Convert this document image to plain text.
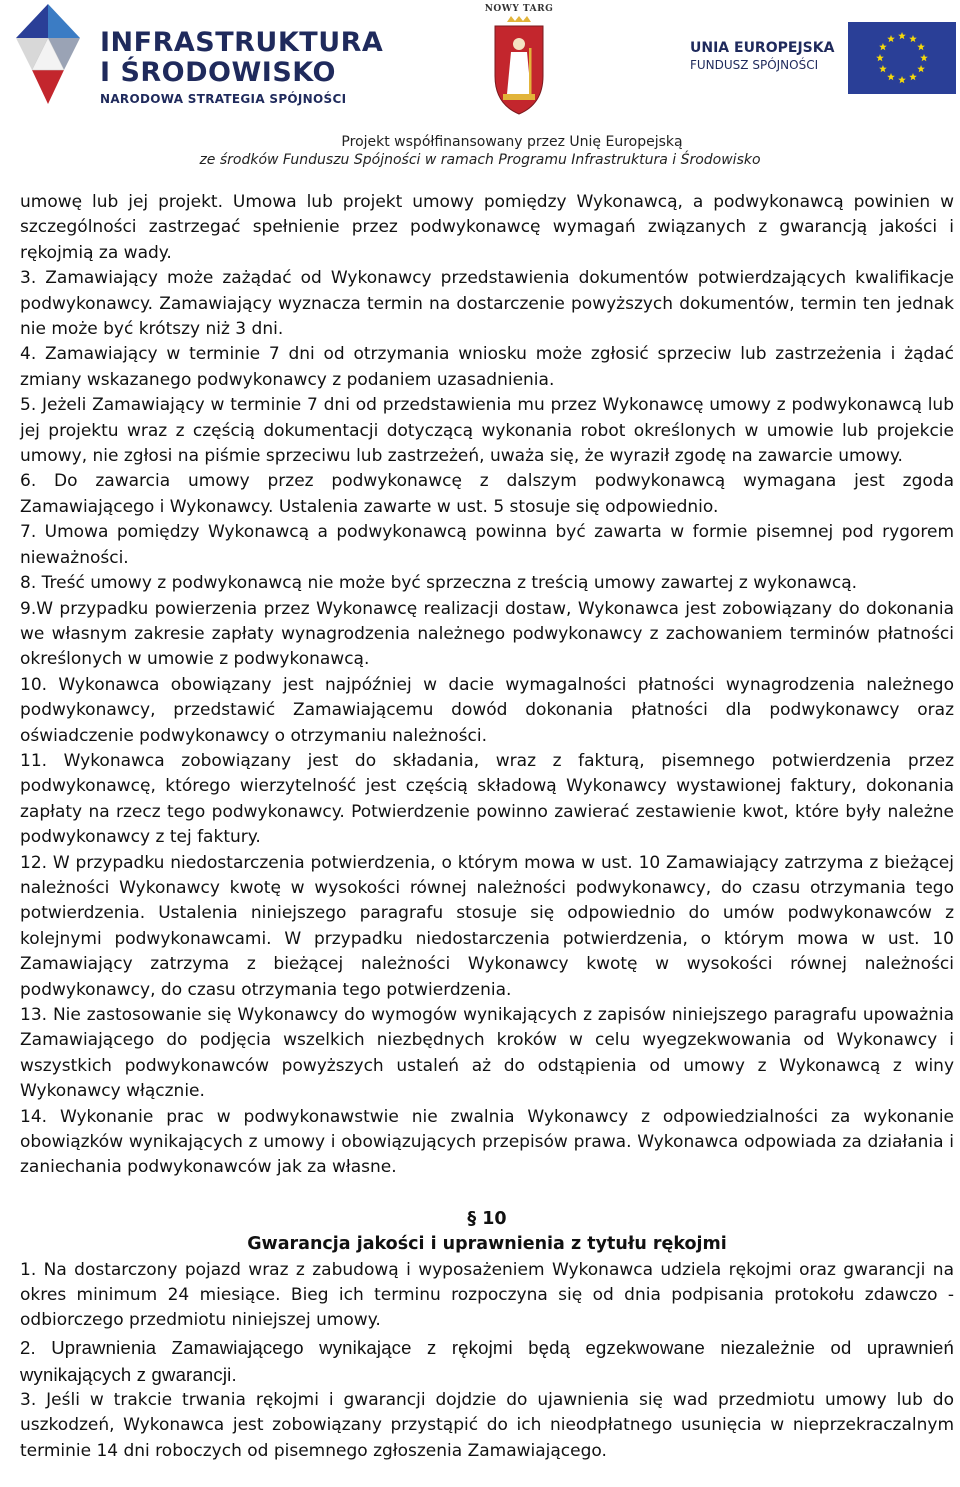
INFRASTRUKTURA
I ŚRODOWISKO
NARODOWA STRATEGIA SPÓJNOŚCI
NOWY TARG
UNIA EUROPEJSKA
FUNDUSZ SPÓJNOŚCI
Projekt współfinansowany przez Unię Europejską
ze środków Funduszu Spójności w ramach Programu Infrastruktura i Środowisko

umowę lub jej projekt. Umowa lub projekt umowy pomiędzy Wykonawcą, a podwykonawcą powinien w szczególności zastrzegać spełnienie przez podwykonawcę wymagań związanych z gwarancją jakości i rękojmią za wady.

3. Zamawiający może zażądać od Wykonawcy przedstawienia dokumentów potwierdzających kwalifikacje podwykonawcy. Zamawiający wyznacza termin na dostarczenie powyższych dokumentów, termin ten jednak nie może być krótszy niż 3 dni.

4. Zamawiający w terminie 7 dni od otrzymania wniosku może zgłosić sprzeciw lub zastrzeżenia i żądać zmiany wskazanego podwykonawcy z podaniem uzasadnienia.

5. Jeżeli Zamawiający w terminie 7 dni od przedstawienia mu przez Wykonawcę umowy z podwykonawcą lub jej projektu wraz z częścią dokumentacji dotyczącą wykonania robot określonych w umowie lub projekcie umowy, nie zgłosi na piśmie sprzeciwu lub zastrzeżeń, uważa się, że wyraził zgodę na zawarcie umowy.

6. Do zawarcia umowy przez podwykonawcę z dalszym podwykonawcą wymagana jest zgoda Zamawiającego i Wykonawcy. Ustalenia zawarte w ust. 5 stosuje się odpowiednio.

7. Umowa pomiędzy Wykonawcą a podwykonawcą powinna być zawarta w formie pisemnej pod rygorem nieważności.

8. Treść umowy z podwykonawcą nie może być sprzeczna z treścią umowy zawartej z wykonawcą.

9.W przypadku powierzenia przez Wykonawcę realizacji dostaw, Wykonawca jest zobowiązany do dokonania we własnym zakresie zapłaty wynagrodzenia należnego podwykonawcy z zachowaniem terminów płatności określonych w umowie z podwykonawcą.

10. Wykonawca obowiązany jest najpóźniej w dacie wymagalności płatności wynagrodzenia należnego podwykonawcy, przedstawić Zamawiającemu dowód dokonania płatności dla podwykonawcy oraz oświadczenie podwykonawcy o otrzymaniu należności.

11. Wykonawca zobowiązany jest do składania, wraz z fakturą, pisemnego potwierdzenia przez podwykonawcę, którego wierzytelność jest częścią składową Wykonawcy wystawionej faktury, dokonania zapłaty na rzecz tego podwykonawcy. Potwierdzenie powinno zawierać zestawienie kwot, które były należne podwykonawcy z tej faktury.

12. W przypadku niedostarczenia potwierdzenia, o którym mowa w ust. 10 Zamawiający zatrzyma z bieżącej należności Wykonawcy kwotę w wysokości równej należności podwykonawcy, do czasu otrzymania tego potwierdzenia. Ustalenia niniejszego paragrafu stosuje się odpowiednio do umów podwykonawców z kolejnymi podwykonawcami. W przypadku niedostarczenia potwierdzenia, o którym mowa w ust. 10 Zamawiający zatrzyma z bieżącej należności Wykonawcy kwotę w wysokości równej należności podwykonawcy, do czasu otrzymania tego potwierdzenia.

13. Nie zastosowanie się Wykonawcy do wymogów wynikających z zapisów niniejszego paragrafu upoważnia Zamawiającego do podjęcia wszelkich niezbędnych kroków w celu wyegzekwowania od Wykonawcy i wszystkich podwykonawców powyższych ustaleń aż do odstąpienia od umowy z Wykonawcą z winy Wykonawcy włącznie.

14. Wykonanie prac w podwykonawstwie nie zwalnia Wykonawcy z odpowiedzialności za wykonanie obowiązków wynikających z umowy i obowiązujących przepisów prawa. Wykonawca odpowiada za działania i zaniechania podwykonawców jak za własne.

§ 10
Gwarancja jakości i uprawnienia z tytułu rękojmi

1. Na dostarczony pojazd wraz z zabudową i wyposażeniem Wykonawca udziela rękojmi oraz gwarancji na okres minimum 24 miesiące. Bieg ich terminu rozpoczyna się od dnia podpisania protokołu zdawczo - odbiorczego przedmiotu niniejszej umowy.

2. Uprawnienia Zamawiającego wynikające z rękojmi będą egzekwowane niezależnie od uprawnień wynikających z gwarancji.

3. Jeśli w trakcie trwania rękojmi i gwarancji dojdzie do ujawnienia się wad przedmiotu umowy lub do uszkodzeń, Wykonawca jest zobowiązany przystąpić do ich nieodpłatnego usunięcia w nieprzekraczalnym terminie 14 dni roboczych od pisemnego zgłoszenia Zamawiającego.
